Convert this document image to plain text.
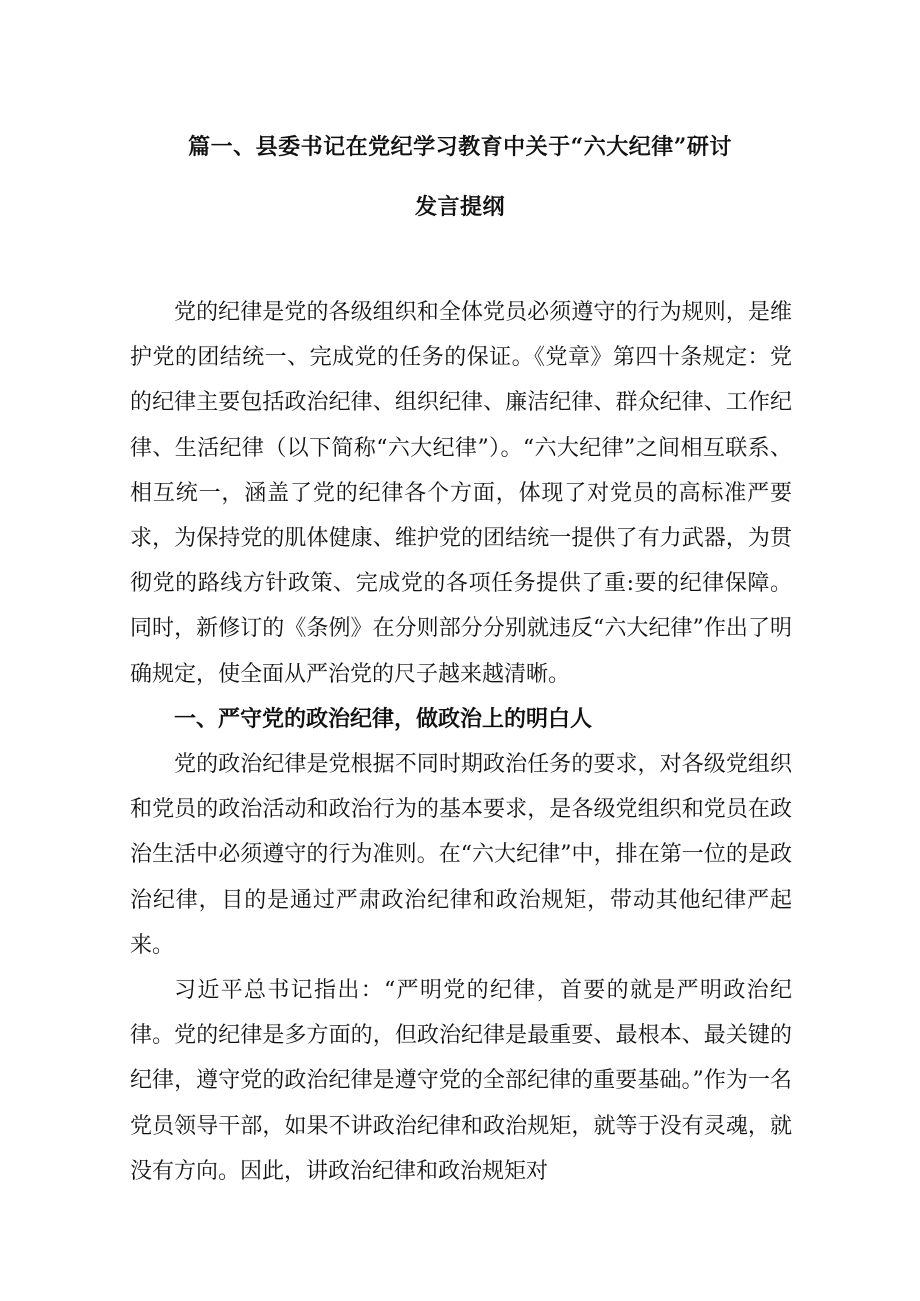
篇一、县委书记在党纪学习教育中关于“六大纪律”研讨
发言提纲

党的纪律是党的各级组织和全体党员必须遵守的行为规则，是维护党的团结统一、完成党的任务的保证。《党章》第四十条规定：党的纪律主要包括政治纪律、组织纪律、廉洁纪律、群众纪律、工作纪律、生活纪律（以下简称“六大纪律”）。“六大纪律”之间相互联系、相互统一，涵盖了党的纪律各个方面，体现了对党员的高标准严要求，为保持党的肌体健康、维护党的团结统一提供了有力武器，为贯彻党的路线方针政策、完成党的各项任务提供了重:要的纪律保障。同时，新修订的《条例》在分则部分分别就违反“六大纪律”作出了明确规定，使全面从严治党的尺子越来越清晰。

一、严守党的政治纪律，做政治上的明白人

党的政治纪律是党根据不同时期政治任务的要求，对各级党组织和党员的政治活动和政治行为的基本要求，是各级党组织和党员在政治生活中必须遵守的行为准则。在“六大纪律”中，排在第一位的是政治纪律，目的是通过严肃政治纪律和政治规矩，带动其他纪律严起来。

习近平总书记指出：“严明党的纪律，首要的就是严明政治纪律。党的纪律是多方面的，但政治纪律是最重要、最根本、最关键的纪律，遵守党的政治纪律是遵守党的全部纪律的重要基础。”作为一名党员领导干部，如果不讲政治纪律和政治规矩，就等于没有灵魂，就没有方向。因此，讲政治纪律和政治规矩对
